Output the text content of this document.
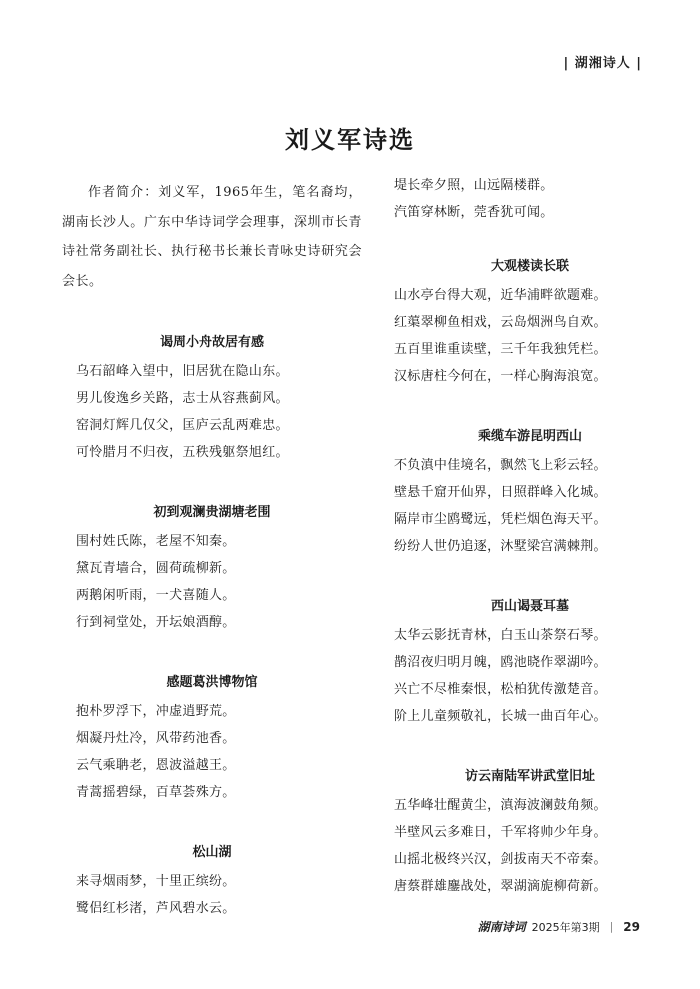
| 湖湘诗人 |
刘义军诗选

作者简介：刘义军，1965年生，笔名裔均，湖南长沙人。广东中华诗词学会理事，深圳市长青诗社常务副社长、执行秘书长兼长青咏史诗研究会会长。

谒周小舟故居有感

乌石韶峰入望中，旧居犹在隐山东。

男儿俊逸乡关路，志士从容燕蓟风。

窑洞灯辉几仅父，匡庐云乱两难忠。

可怜腊月不归夜，五秩残躯祭旭红。

初到观澜贵湖塘老围

围村姓氏陈，老屋不知秦。

黛瓦青墙合，圆荷疏柳新。

两鹅闲听雨，一犬喜随人。

行到祠堂处，开坛娘酒醇。

感题葛洪博物馆

抱朴罗浮下，冲虚逍野荒。

烟凝丹灶冷，风带药池香。

云气乘聃老，恩波溢越王。

青蒿摇碧绿，百草荟殊方。

松山湖

来寻烟雨梦，十里正缤纷。

鹭侣红杉渚，芦风碧水云。

堤长牵夕照，山远隔楼群。

汽笛穿林断，莞香犹可闻。

大观楼读长联

山水亭台得大观，近华浦畔欲题难。

红蕖翠柳鱼相戏，云岛烟洲鸟自欢。

五百里谁重读壁，三千年我独凭栏。

汉标唐柱今何在，一样心胸海浪宽。

乘缆车游昆明西山

不负滇中佳境名，飘然飞上彩云轻。

壁悬千窟开仙界，日照群峰入化城。

隔岸市尘鸥鹭远，凭栏烟色海天平。

纷纷人世仍追逐，沐墅梁宫满棘荆。

西山谒聂耳墓

太华云影抚青林，白玉山茶祭石琴。

鹊沼夜归明月魄，鸥池晓作翠湖吟。

兴亡不尽椎秦恨，松柏犹传激楚音。

阶上儿童频敬礼，长城一曲百年心。

访云南陆军讲武堂旧址

五华峰壮醒黄尘，滇海波澜鼓角频。

半壁风云多难日，千军将帅少年身。

山摇北极终兴汉，剑拔南天不帝秦。

唐蔡群雄鏖战处，翠湖滴旎柳荷新。

湖南诗词 2025年第3期 | 29
